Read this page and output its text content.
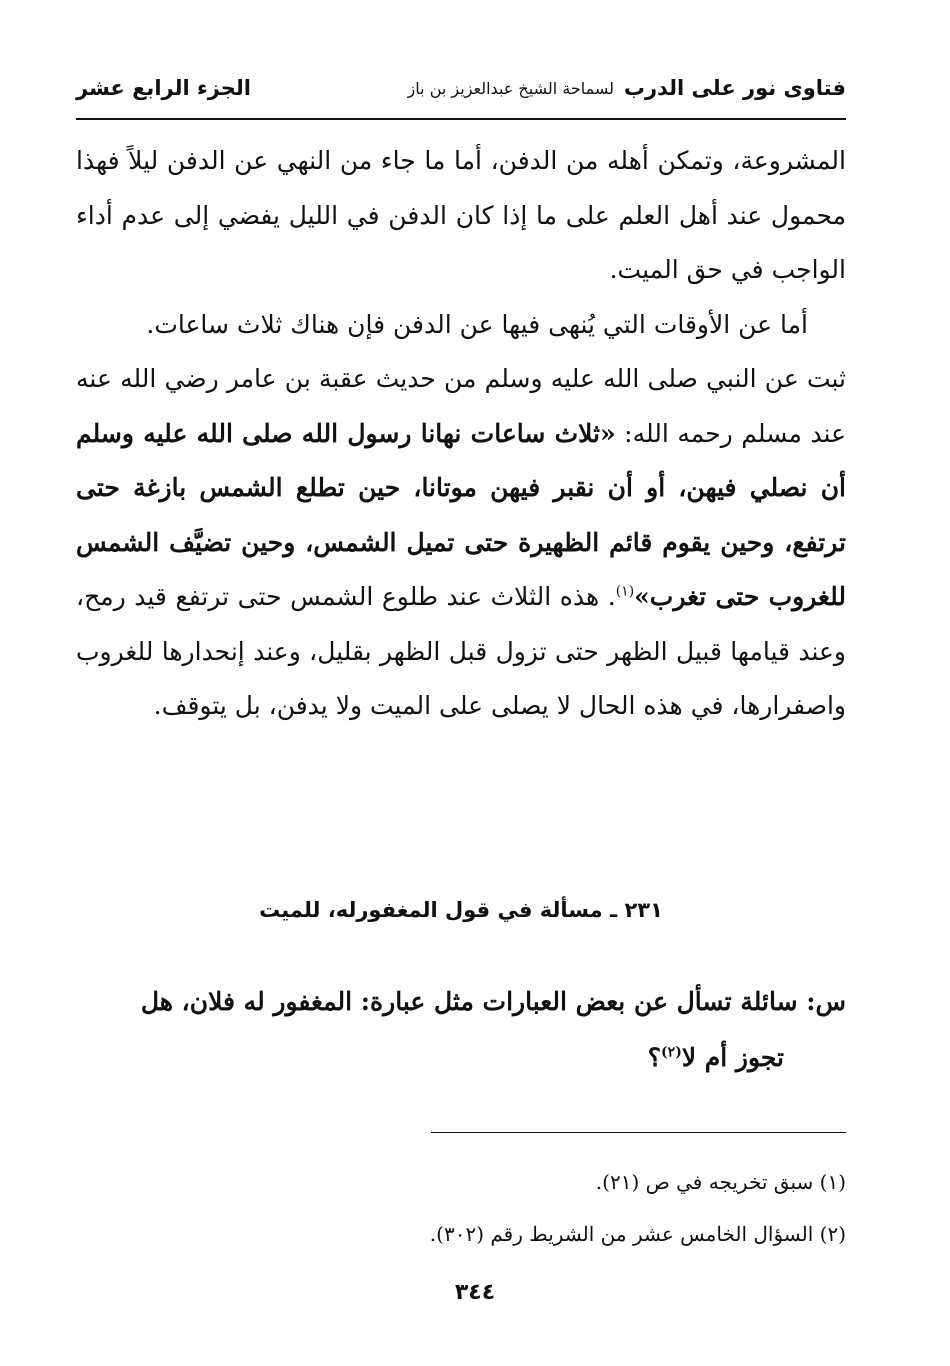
فتاوى نور على الدرب
لسماحة الشيخ عبدالعزيز بن باز
الجزء الرابع عشر

المشروعة، وتمكن أهله من الدفن، أما ما جاء من النهي عن الدفن ليلاً فهذا محمول عند أهل العلم على ما إذا كان الدفن في الليل يفضي إلى عدم أداء الواجب في حق الميت.

أما عن الأوقات التي يُنهى فيها عن الدفن فإن هناك ثلاث ساعات.

ثبت عن النبي صلى الله عليه وسلم من حديث عقبة بن عامر رضي الله عنه عند مسلم رحمه الله: «ثلاث ساعات نهانا رسول الله صلى الله عليه وسلم أن نصلي فيهن، أو أن نقبر فيهن موتانا، حين تطلع الشمس بازغة حتى ترتفع، وحين يقوم قائم الظهيرة حتى تميل الشمس، وحين تضيَّف الشمس للغروب حتى تغرب»$^{(١)}$. هذه الثلاث عند طلوع الشمس حتى ترتفع قيد رمح، وعند قيامها قبيل الظهر حتى تزول قبل الظهر بقليل، وعند إنحدارها للغروب واصفرارها، في هذه الحال لا يصلى على الميت ولا يدفن، بل يتوقف.

٢٣١ ـ مسألة في قول المغفورله، للميت

س: سائلة تسأل عن بعض العبارات مثل عبارة: المغفور له فلان، هل

تجوز أم لا$^{(٢)}$؟

(١) سبق تخريجه في ص (٢١).

(٢) السؤال الخامس عشر من الشريط رقم (٣٠٢).

٣٤٤
